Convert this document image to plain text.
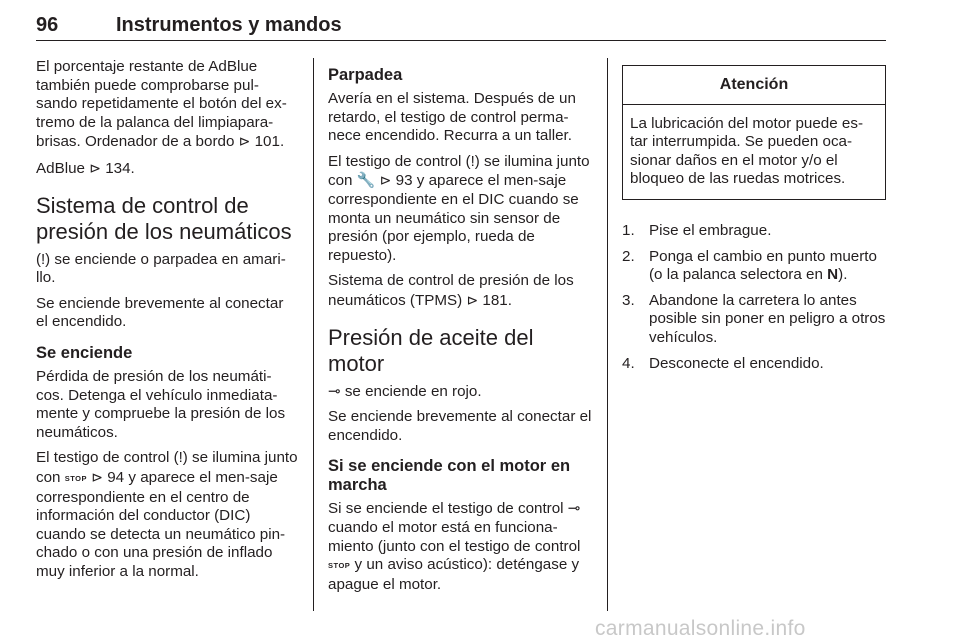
96	Instrumentos y mandos

El porcentaje restante de AdBlue también puede comprobarse pul-sando repetidamente el botón del ex-tremo de la palanca del limpiapara-brisas. Ordenador de a bordo ⊳ 101.

AdBlue ⊳ 134.

Sistema de control de presión de los neumáticos

(!) se enciende o parpadea en amari-llo.

Se enciende brevemente al conectar el encendido.

Se enciende

Pérdida de presión de los neumáti-cos. Detenga el vehículo inmediata-mente y compruebe la presión de los neumáticos.

El testigo de control (!) se ilumina junto con STOP ⊳ 94 y aparece el men-saje correspondiente en el centro de información del conductor (DIC) cuando se detecta un neumático pin-chado o con una presión de inflado muy inferior a la normal.

Parpadea

Avería en el sistema. Después de un retardo, el testigo de control perma-nece encendido. Recurra a un taller.

El testigo de control (!) se ilumina junto con 🔧 ⊳ 93 y aparece el men-saje correspondiente en el DIC cuando se monta un neumático sin sensor de presión (por ejemplo, rueda de repuesto).

Sistema de control de presión de los neumáticos (TPMS) ⊳ 181.

Presión de aceite del motor

⊸ se enciende en rojo.

Se enciende brevemente al conectar el encendido.

Si se enciende con el motor en marcha

Si se enciende el testigo de control ⊸ cuando el motor está en funciona-miento (junto con el testigo de control STOP y un aviso acústico): deténgase y apague el motor.

Atención
La lubricación del motor puede es-tar interrumpida. Se pueden oca-sionar daños en el motor y/o el bloqueo de las ruedas motrices.
1. Pise el embrague.
2. Ponga el cambio en punto muerto (o la palanca selectora en N).
3. Abandone la carretera lo antes posible sin poner en peligro a otros vehículos.
4. Desconecte el encendido.
carmanualsonline.info
